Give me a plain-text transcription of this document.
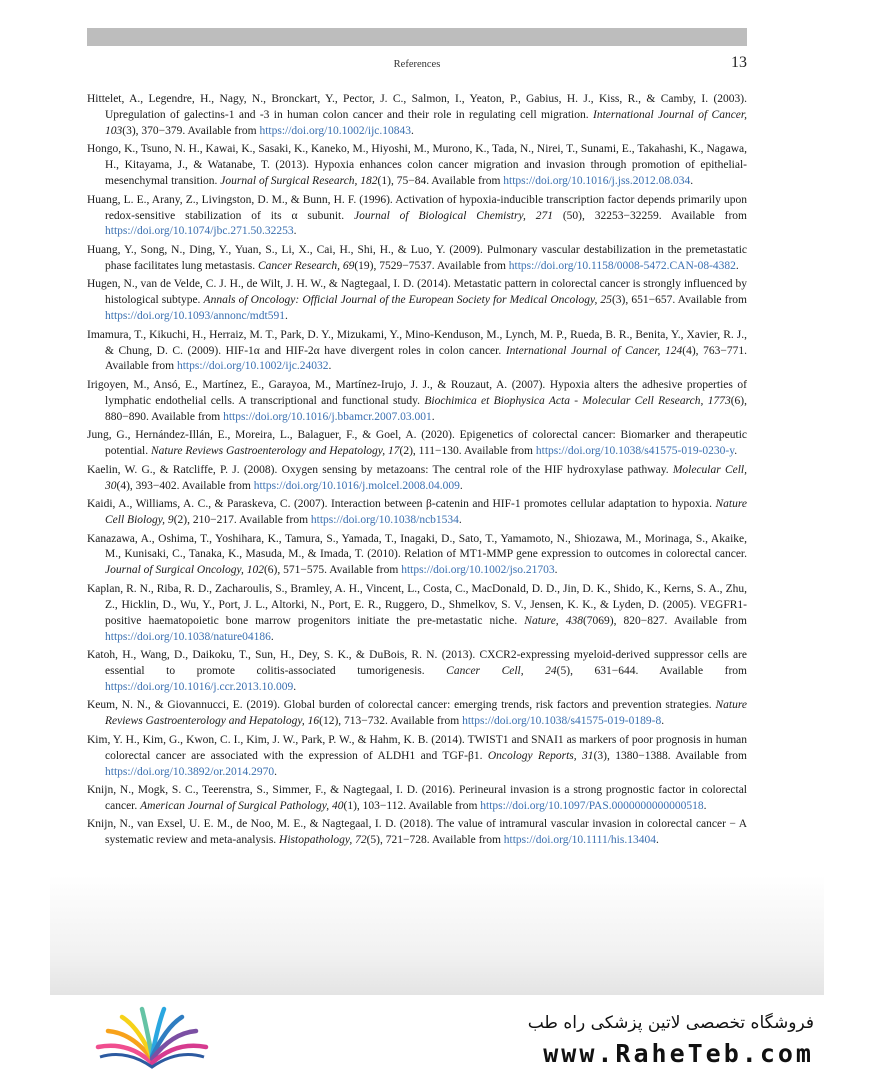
References	13

Hittelet, A., Legendre, H., Nagy, N., Bronckart, Y., Pector, J. C., Salmon, I., Yeaton, P., Gabius, H. J., Kiss, R., & Camby, I. (2003). Upregulation of galectins-1 and -3 in human colon cancer and their role in regulating cell migration. International Journal of Cancer, 103(3), 370−379. Available from https://doi.org/10.1002/ijc.10843.

Hongo, K., Tsuno, N. H., Kawai, K., Sasaki, K., Kaneko, M., Hiyoshi, M., Murono, K., Tada, N., Nirei, T., Sunami, E., Takahashi, K., Nagawa, H., Kitayama, J., & Watanabe, T. (2013). Hypoxia enhances colon cancer migration and invasion through promotion of epithelial-mesenchymal transition. Journal of Surgical Research, 182(1), 75−84. Available from https://doi.org/10.1016/j.jss.2012.08.034.

Huang, L. E., Arany, Z., Livingston, D. M., & Bunn, H. F. (1996). Activation of hypoxia-inducible transcription factor depends primarily upon redox-sensitive stabilization of its α subunit. Journal of Biological Chemistry, 271 (50), 32253−32259. Available from https://doi.org/10.1074/jbc.271.50.32253.

Huang, Y., Song, N., Ding, Y., Yuan, S., Li, X., Cai, H., Shi, H., & Luo, Y. (2009). Pulmonary vascular destabilization in the premetastatic phase facilitates lung metastasis. Cancer Research, 69(19), 7529−7537. Available from https://doi.org/10.1158/0008-5472.CAN-08-4382.

Hugen, N., van de Velde, C. J. H., de Wilt, J. H. W., & Nagtegaal, I. D. (2014). Metastatic pattern in colorectal cancer is strongly influenced by histological subtype. Annals of Oncology: Official Journal of the European Society for Medical Oncology, 25(3), 651−657. Available from https://doi.org/10.1093/annonc/mdt591.

Imamura, T., Kikuchi, H., Herraiz, M. T., Park, D. Y., Mizukami, Y., Mino-Kenduson, M., Lynch, M. P., Rueda, B. R., Benita, Y., Xavier, R. J., & Chung, D. C. (2009). HIF-1α and HIF-2α have divergent roles in colon cancer. International Journal of Cancer, 124(4), 763−771. Available from https://doi.org/10.1002/ijc.24032.

Irigoyen, M., Ansó, E., Martínez, E., Garayoa, M., Martínez-Irujo, J. J., & Rouzaut, A. (2007). Hypoxia alters the adhesive properties of lymphatic endothelial cells. A transcriptional and functional study. Biochimica et Biophysica Acta - Molecular Cell Research, 1773(6), 880−890. Available from https://doi.org/10.1016/j.bbamcr.2007.03.001.

Jung, G., Hernández-Illán, E., Moreira, L., Balaguer, F., & Goel, A. (2020). Epigenetics of colorectal cancer: Biomarker and therapeutic potential. Nature Reviews Gastroenterology and Hepatology, 17(2), 111−130. Available from https://doi.org/10.1038/s41575-019-0230-y.

Kaelin, W. G., & Ratcliffe, P. J. (2008). Oxygen sensing by metazoans: The central role of the HIF hydroxylase pathway. Molecular Cell, 30(4), 393−402. Available from https://doi.org/10.1016/j.molcel.2008.04.009.

Kaidi, A., Williams, A. C., & Paraskeva, C. (2007). Interaction between β-catenin and HIF-1 promotes cellular adaptation to hypoxia. Nature Cell Biology, 9(2), 210−217. Available from https://doi.org/10.1038/ncb1534.

Kanazawa, A., Oshima, T., Yoshihara, K., Tamura, S., Yamada, T., Inagaki, D., Sato, T., Yamamoto, N., Shiozawa, M., Morinaga, S., Akaike, M., Kunisaki, C., Tanaka, K., Masuda, M., & Imada, T. (2010). Relation of MT1-MMP gene expression to outcomes in colorectal cancer. Journal of Surgical Oncology, 102(6), 571−575. Available from https://doi.org/10.1002/jso.21703.

Kaplan, R. N., Riba, R. D., Zacharoulis, S., Bramley, A. H., Vincent, L., Costa, C., MacDonald, D. D., Jin, D. K., Shido, K., Kerns, S. A., Zhu, Z., Hicklin, D., Wu, Y., Port, J. L., Altorki, N., Port, E. R., Ruggero, D., Shmelkov, S. V., Jensen, K. K., & Lyden, D. (2005). VEGFR1-positive haematopoietic bone marrow progenitors initiate the pre-metastatic niche. Nature, 438(7069), 820−827. Available from https://doi.org/10.1038/nature04186.

Katoh, H., Wang, D., Daikoku, T., Sun, H., Dey, S. K., & DuBois, R. N. (2013). CXCR2-expressing myeloid-derived suppressor cells are essential to promote colitis-associated tumorigenesis. Cancer Cell, 24(5), 631−644. Available from https://doi.org/10.1016/j.ccr.2013.10.009.

Keum, N. N., & Giovannucci, E. (2019). Global burden of colorectal cancer: emerging trends, risk factors and prevention strategies. Nature Reviews Gastroenterology and Hepatology, 16(12), 713−732. Available from https://doi.org/10.1038/s41575-019-0189-8.

Kim, Y. H., Kim, G., Kwon, C. I., Kim, J. W., Park, P. W., & Hahm, K. B. (2014). TWIST1 and SNAI1 as markers of poor prognosis in human colorectal cancer are associated with the expression of ALDH1 and TGF-β1. Oncology Reports, 31(3), 1380−1388. Available from https://doi.org/10.3892/or.2014.2970.

Knijn, N., Mogk, S. C., Teerenstra, S., Simmer, F., & Nagtegaal, I. D. (2016). Perineural invasion is a strong prognostic factor in colorectal cancer. American Journal of Surgical Pathology, 40(1), 103−112. Available from https://doi.org/10.1097/PAS.0000000000000518.

Knijn, N., van Exsel, U. E. M., de Noo, M. E., & Nagtegaal, I. D. (2018). The value of intramural vascular invasion in colorectal cancer − A systematic review and meta-analysis. Histopathology, 72(5), 721−728. Available from https://doi.org/10.1111/his.13404.

فروشگاه تخصصی لاتین پزشکی راه طب
www.RaheTeb.com
